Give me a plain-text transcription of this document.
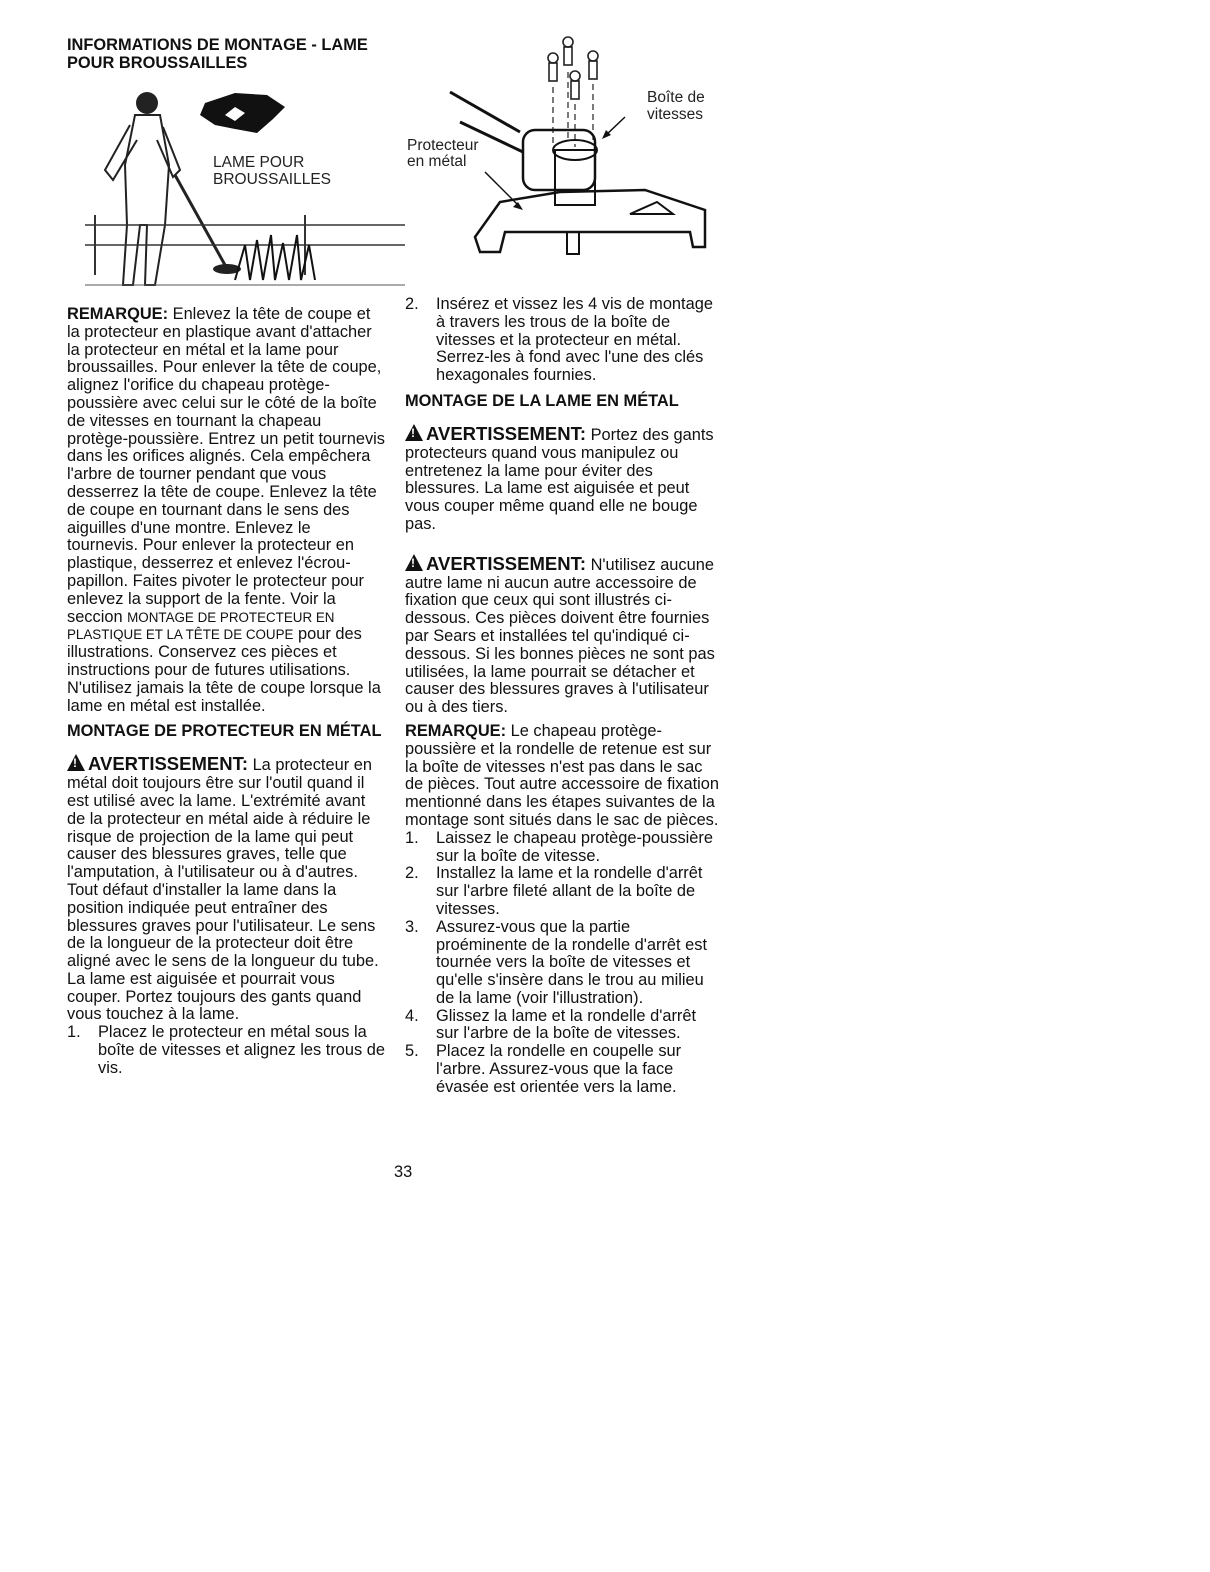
INFORMATIONS DE MONTAGE - LAME POUR BROUSSAILLES
LAME POUR
BROUSSAILLES
Boîte de
vitesses
Protecteur
en métal

REMARQUE: Enlevez la tête de coupe et la protecteur en plastique avant d'attacher la protecteur en métal et la lame pour broussailles. Pour enlever la tête de coupe, alignez l'orifice du chapeau protège-poussière avec celui sur le côté de la boîte de vitesses en tournant la chapeau protège-poussière. Entrez un petit tournevis dans les orifices alignés. Cela empêchera l'arbre de tourner pendant que vous desserrez la tête de coupe. Enlevez la tête de coupe en tournant dans le sens des aiguilles d'une montre. Enlevez le tournevis. Pour enlever la protecteur en plastique, desserrez et enlevez l'écrou-papillon. Faites pivoter le protecteur pour enlevez la support de la fente. Voir la seccion MONTAGE DE PROTECTEUR EN PLASTIQUE ET LA TÊTE DE COUPE pour des illustrations. Conservez ces pièces et instructions pour de futures utilisations. N'utilisez jamais la tête de coupe lorsque la lame en métal est installée.

MONTAGE DE PROTECTEUR EN MÉTAL

!AVERTISSEMENT: La protecteur en métal doit toujours être sur l'outil quand il est utilisé avec la lame. L'extrémité avant de la protecteur en métal aide à réduire le risque de projection de la lame qui peut causer des blessures graves, telle que l'amputation, à l'utilisateur ou à d'autres. Tout défaut d'installer la lame dans la position indiquée peut entraîner des blessures graves pour l'utilisateur. Le sens de la longueur de la protecteur doit être aligné avec le sens de la longueur du tube. La lame est aiguisée et pourrait vous couper. Portez toujours des gants quand vous touchez à la lame.

1. Placez le protecteur en métal sous la boîte de vitesses et alignez les trous de vis.
2. Insérez et vissez les 4 vis de montage à travers les trous de la boîte de vitesses et la protecteur en métal. Serrez-les à fond avec l'une des clés hexagonales fournies.
MONTAGE DE LA LAME EN MÉTAL

!AVERTISSEMENT: Portez des gants protecteurs quand vous manipulez ou entretenez la lame pour éviter des blessures. La lame est aiguisée et peut vous couper même quand elle ne bouge pas.

!AVERTISSEMENT: N'utilisez aucune autre lame ni aucun autre accessoire de fixation que ceux qui sont illustrés ci-dessous. Ces pièces doivent être fournies par Sears et installées tel qu'indiqué ci-dessous. Si les bonnes pièces ne sont pas utilisées, la lame pourrait se détacher et causer des blessures graves à l'utilisateur ou à des tiers.

REMARQUE: Le chapeau protège-poussière et la rondelle de retenue est sur la boîte de vitesses n'est pas dans le sac de pièces. Tout autre accessoire de fixation mentionné dans les étapes suivantes de la montage sont situés dans le sac de pièces.

1. Laissez le chapeau protège-poussière sur la boîte de vitesse.
2. Installez la lame et la rondelle d'arrêt sur l'arbre fileté allant de la boîte de vitesses.
3. Assurez-vous que la partie proéminente de la rondelle d'arrêt est tournée vers la boîte de vitesses et qu'elle s'insère dans le trou au milieu de la lame (voir l'illustration).
4. Glissez la lame et la rondelle d'arrêt sur l'arbre de la boîte de vitesses.
5. Placez la rondelle en coupelle sur l'arbre. Assurez-vous que la face évasée est orientée vers la lame.
33
